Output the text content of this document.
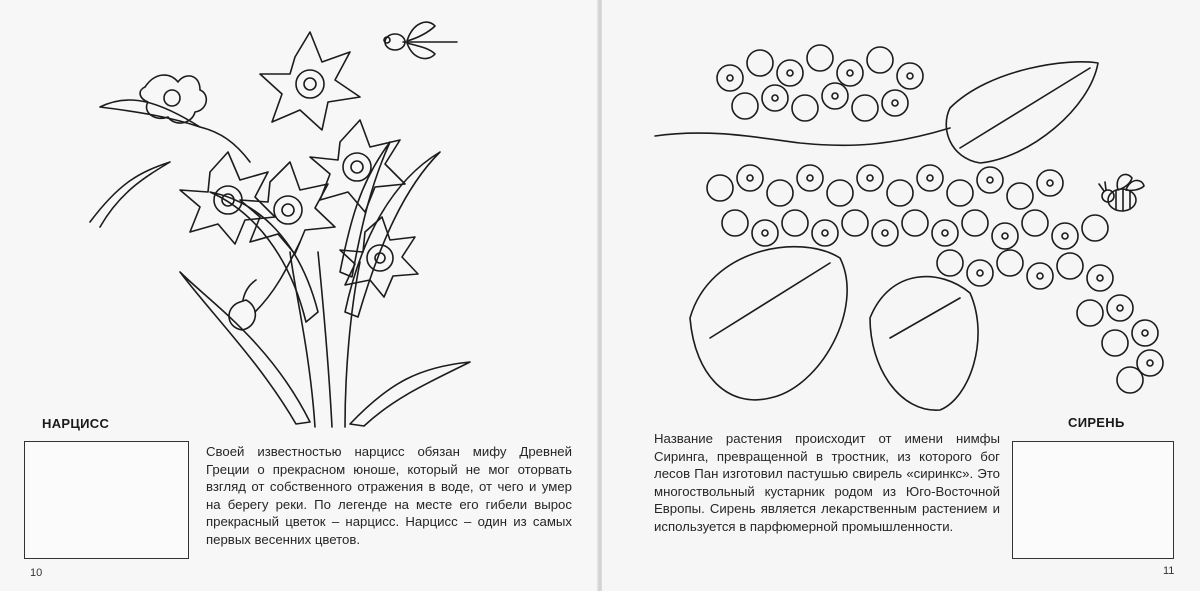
НАРЦИСС
Своей известностью нарцисс обязан мифу Древней Греции о прекрасном юноше, который не мог оторвать взгляд от собственного отражения в воде, от чего и умер на берегу реки. По легенде на месте его гибели вырос прекрасный цветок – нарцисс. Нарцисс – один из самых первых весенних цветов.
10
СИРЕНЬ
Название растения происходит от имени нимфы Сиринга, превращенной в тростник, из которого бог лесов Пан изготовил пастушью свирель «сиринкс». Это многоствольный кустарник родом из Юго-Восточной Европы. Сирень является лекарственным растением и используется в парфюмерной промышленности.
11
